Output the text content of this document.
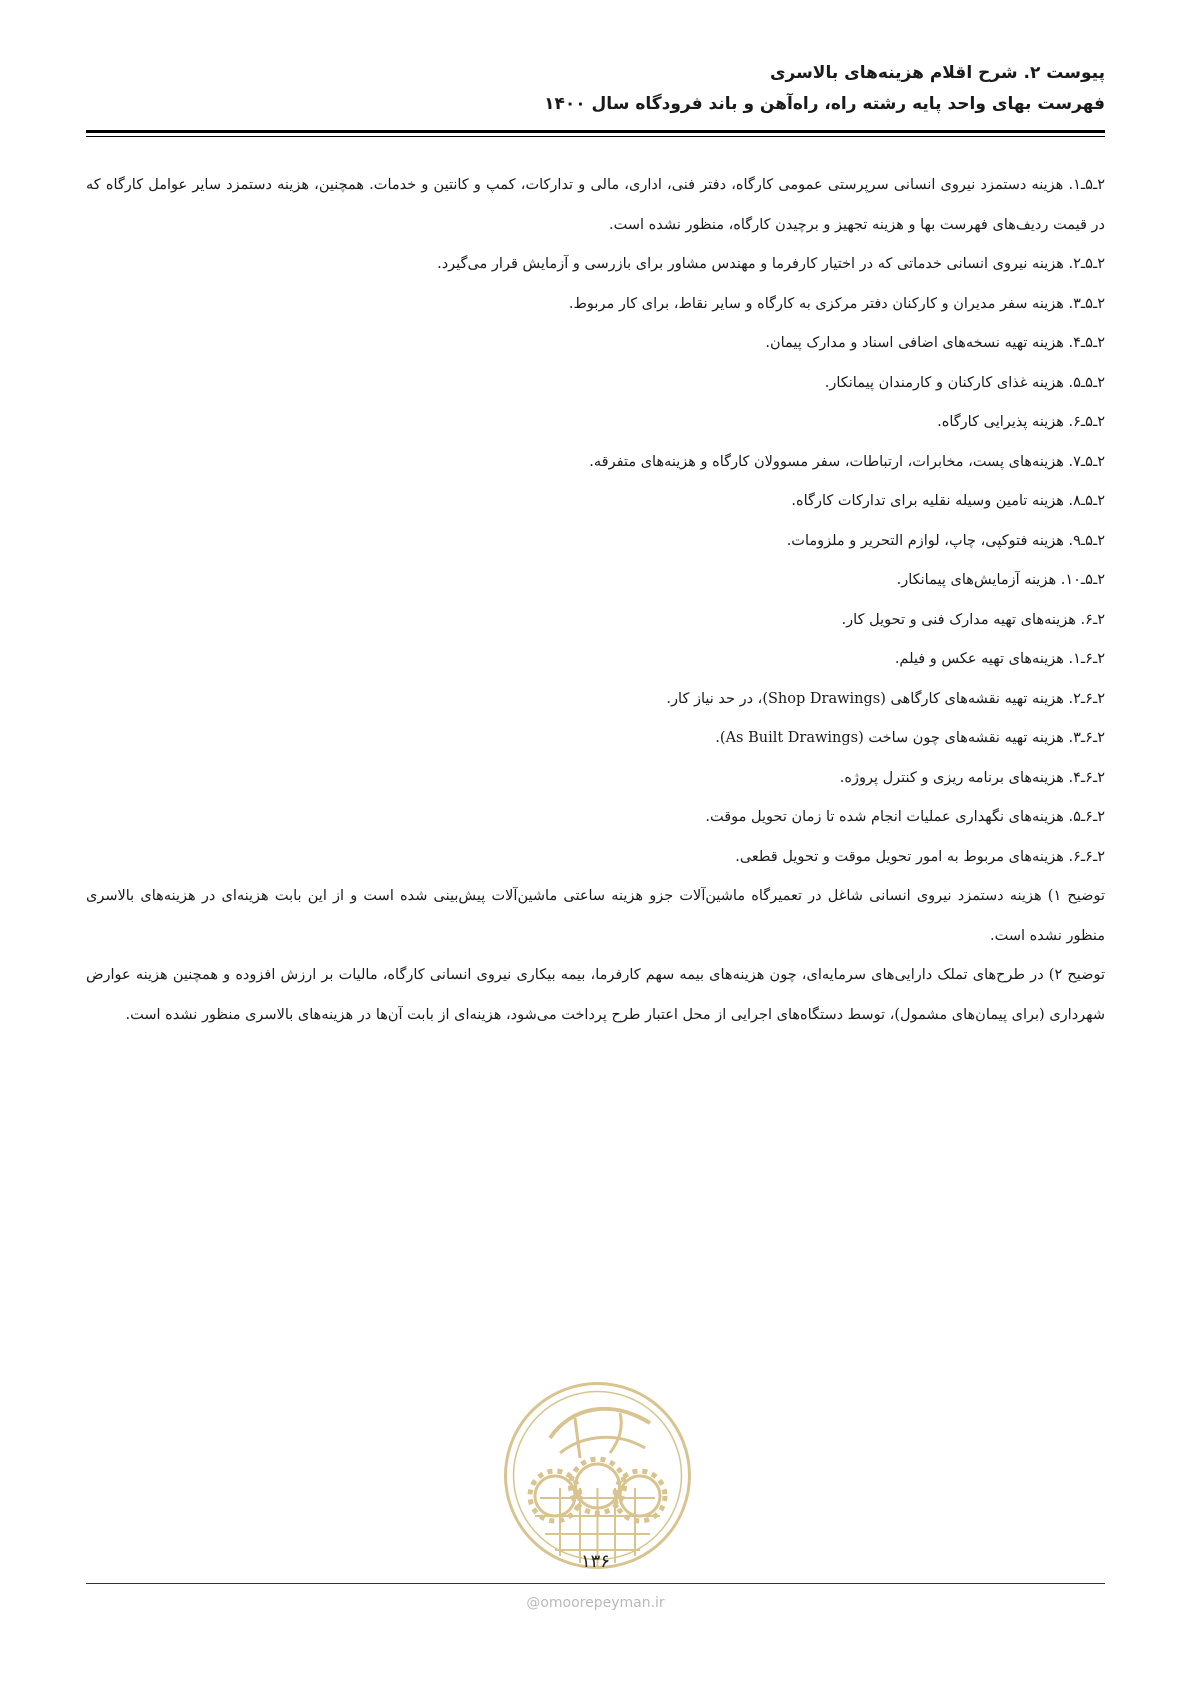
پیوست ۲. شرح اقلام هزینه‌های بالاسری
فهرست بهای واحد پایه رشته راه، راه‌آهن و باند فرودگاه سال ۱۴۰۰

۲ـ۵ـ۱. هزینه دستمزد نیروی انسانی سرپرستی عمومی کارگاه، دفتر فنی، اداری، مالی و تدارکات، کمپ و کانتین و خدمات. همچنین، هزینه دستمزد سایر عوامل کارگاه که در قیمت ردیف‌های فهرست بها و هزینه تجهیز و برچیدن کارگاه، منظور نشده است.

۲ـ۵ـ۲. هزینه نیروی انسانی خدماتی که در اختیار کارفرما و مهندس مشاور برای بازرسی و آزمایش قرار می‌گیرد.

۲ـ۵ـ۳. هزینه سفر مدیران و کارکنان دفتر مرکزی به کارگاه و سایر نقاط، برای کار مربوط.

۲ـ۵ـ۴. هزینه تهیه نسخه‌های اضافی اسناد و مدارک پیمان.

۲ـ۵ـ۵. هزینه غذای کارکنان و کارمندان پیمانکار.

۲ـ۵ـ۶. هزینه پذیرایی کارگاه.

۲ـ۵ـ۷. هزینه‌های پست، مخابرات، ارتباطات، سفر مسوولان کارگاه و هزینه‌های متفرقه.

۲ـ۵ـ۸. هزینه تامین وسیله نقلیه برای تدارکات کارگاه.

۲ـ۵ـ۹. هزینه فتوکپی، چاپ، لوازم التحریر و ملزومات.

۲ـ۵ـ۱۰. هزینه آزمایش‌های پیمانکار.

۲ـ۶. هزینه‌های تهیه مدارک فنی و تحویل کار.

۲ـ۶ـ۱. هزینه‌های تهیه عکس و فیلم.

۲ـ۶ـ۲. هزینه تهیه نقشه‌های کارگاهی (Shop Drawings)، در حد نیاز کار.

۲ـ۶ـ۳. هزینه تهیه نقشه‌های چون ساخت (As Built Drawings).

۲ـ۶ـ۴. هزینه‌های برنامه ریزی و کنترل پروژه.

۲ـ۶ـ۵. هزینه‌های نگهداری عملیات انجام شده تا زمان تحویل موقت.

۲ـ۶ـ۶. هزینه‌های مربوط به امور تحویل موقت و تحویل قطعی.

توضیح ۱) هزینه دستمزد نیروی انسانی شاغل در تعمیرگاه ماشین‌آلات جزو هزینه ساعتی ماشین‌آلات پیش‌بینی شده است و از این بابت هزینه‌ای در هزینه‌های بالاسری منظور نشده است.

توضیح ۲) در طرح‌های تملک دارایی‌های سرمایه‌ای، چون هزینه‌های بیمه سهم کارفرما، بیمه بیکاری نیروی انسانی کارگاه، مالیات بر ارزش افزوده و همچنین هزینه عوارض شهرداری (برای پیمان‌های مشمول)، توسط دستگاه‌های اجرایی از محل اعتبار طرح پرداخت می‌شود، هزینه‌ای از بابت آن‌ها در هزینه‌های بالاسری منظور نشده است.

۱۳۶
@omoorepeyman.ir
